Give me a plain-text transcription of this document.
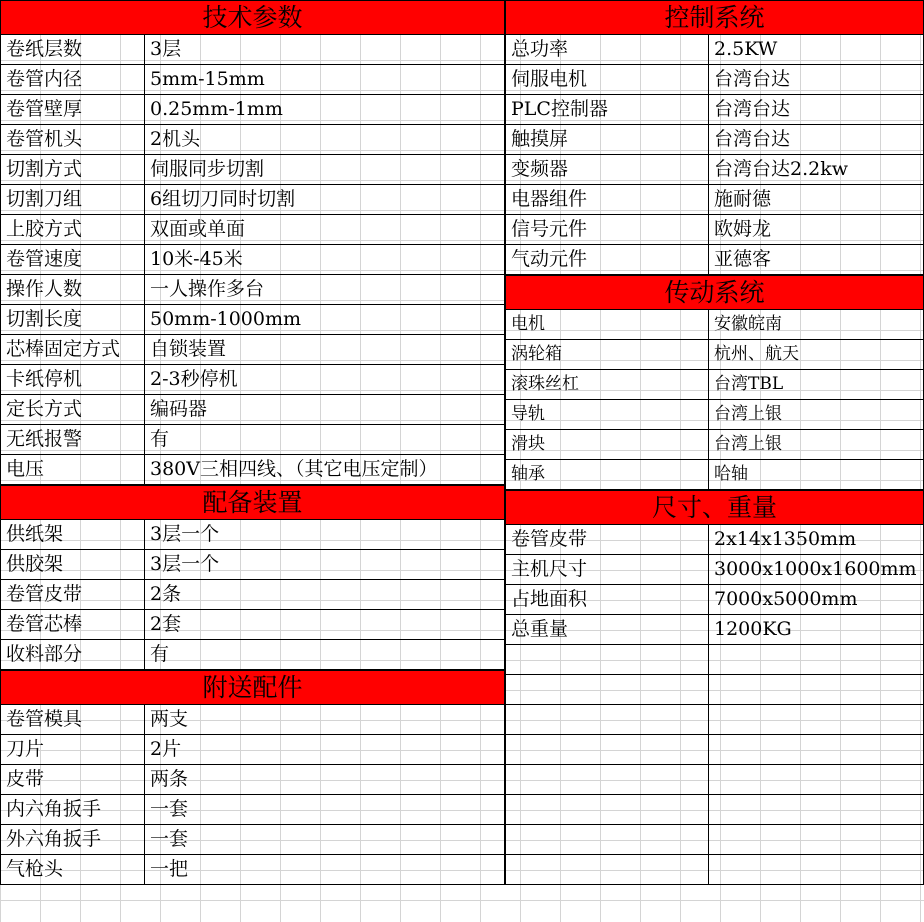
技术参数
卷纸层数	3层
卷管内径	5mm-15mm
卷管壁厚	0.25mm-1mm
卷管机头	2机头
切割方式	伺服同步切割
切割刀组	6组切刀同时切割
上胶方式	双面或单面
卷管速度	10米-45米
操作人数	一人操作多台
切割长度	50mm-1000mm
芯棒固定方式	自锁装置
卡纸停机	2-3秒停机
定长方式	编码器
无纸报警	有
电压	380V三相四线、（其它电压定制）
配备装置
供纸架	3层一个
供胶架	3层一个
卷管皮带	2条
卷管芯棒	2套
收料部分	有
附送配件
卷管模具	两支
刀片	2片
皮带	两条
内六角扳手	一套
外六角扳手	一套
气枪头	一把
控制系统
总功率	2.5KW
伺服电机	台湾台达
PLC控制器	台湾台达
触摸屏	台湾台达
变频器	台湾台达2.2kw
电器组件	施耐德
信号元件	欧姆龙
气动元件	亚德客
传动系统
电机	安徽皖南
涡轮箱	杭州、航天
滚珠丝杠	台湾TBL
导轨	台湾上银
滑块	台湾上银
轴承	哈轴
尺寸、重量
卷管皮带	2x14x1350mm
主机尺寸	3000x1000x1600mm
占地面积	7000x5000mm
总重量	1200KG
